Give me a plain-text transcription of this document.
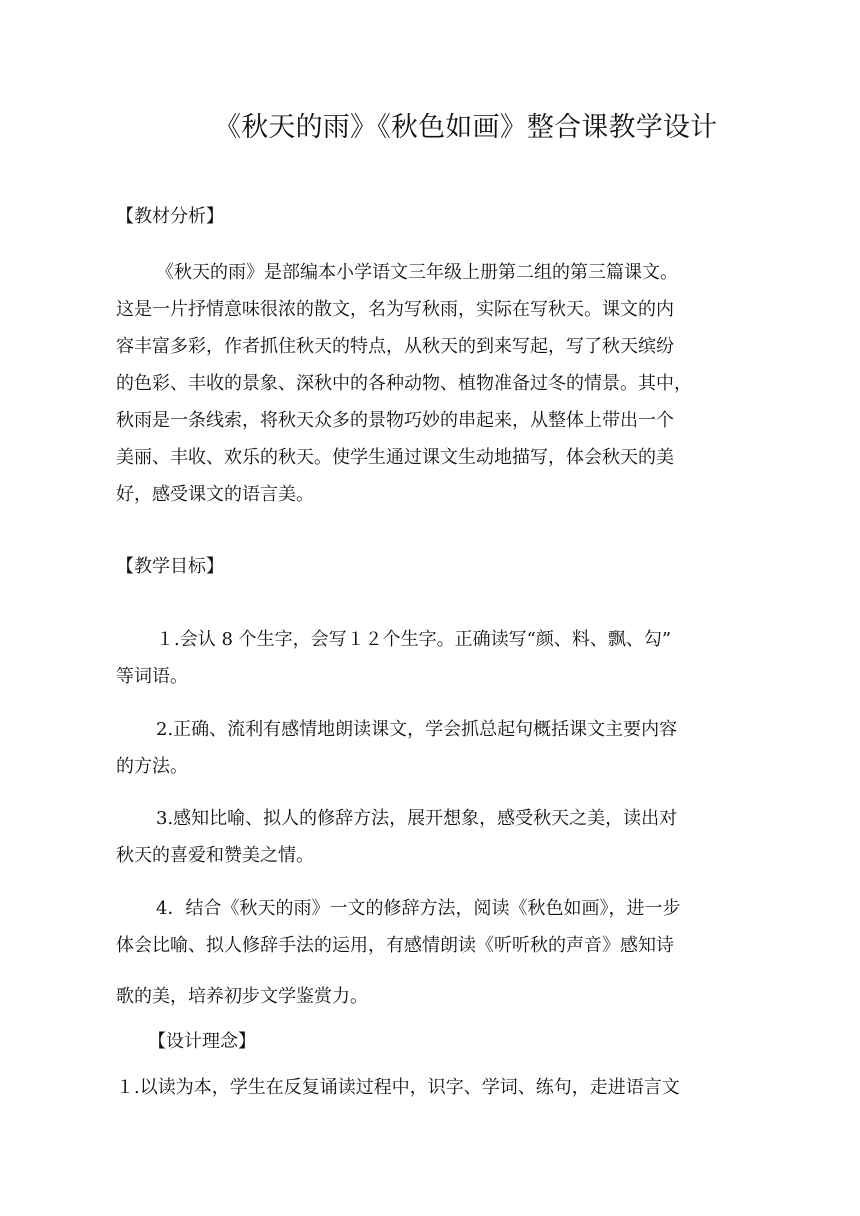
《秋天的雨》《秋色如画》整合课教学设计
【教材分析】
《秋天的雨》是部编本小学语文三年级上册第二组的第三篇课文。
这是一片抒情意味很浓的散文，名为写秋雨，实际在写秋天。课文的内
容丰富多彩，作者抓住秋天的特点，从秋天的到来写起，写了秋天缤纷
的色彩、丰收的景象、深秋中的各种动物、植物准备过冬的情景。其中，
秋雨是一条线索，将秋天众多的景物巧妙的串起来，从整体上带出一个
美丽、丰收、欢乐的秋天。使学生通过课文生动地描写，体会秋天的美
好，感受课文的语言美。
【教学目标】
１.会认 8 个生字，会写１２个生字。正确读写“颜、料、飘、勾”
等词语。
2.正确、流利有感情地朗读课文，学会抓总起句概括课文主要内容
的方法。
3.感知比喻、拟人的修辞方法，展开想象，感受秋天之美，读出对
秋天的喜爱和赞美之情。
4．结合《秋天的雨》一文的修辞方法，阅读《秋色如画》，进一步
体会比喻、拟人修辞手法的运用，有感情朗读《听听秋的声音》感知诗
歌的美，培养初步文学鉴赏力。
【设计理念】
１.以读为本，学生在反复诵读过程中，识字、学词、练句，走进语言文
